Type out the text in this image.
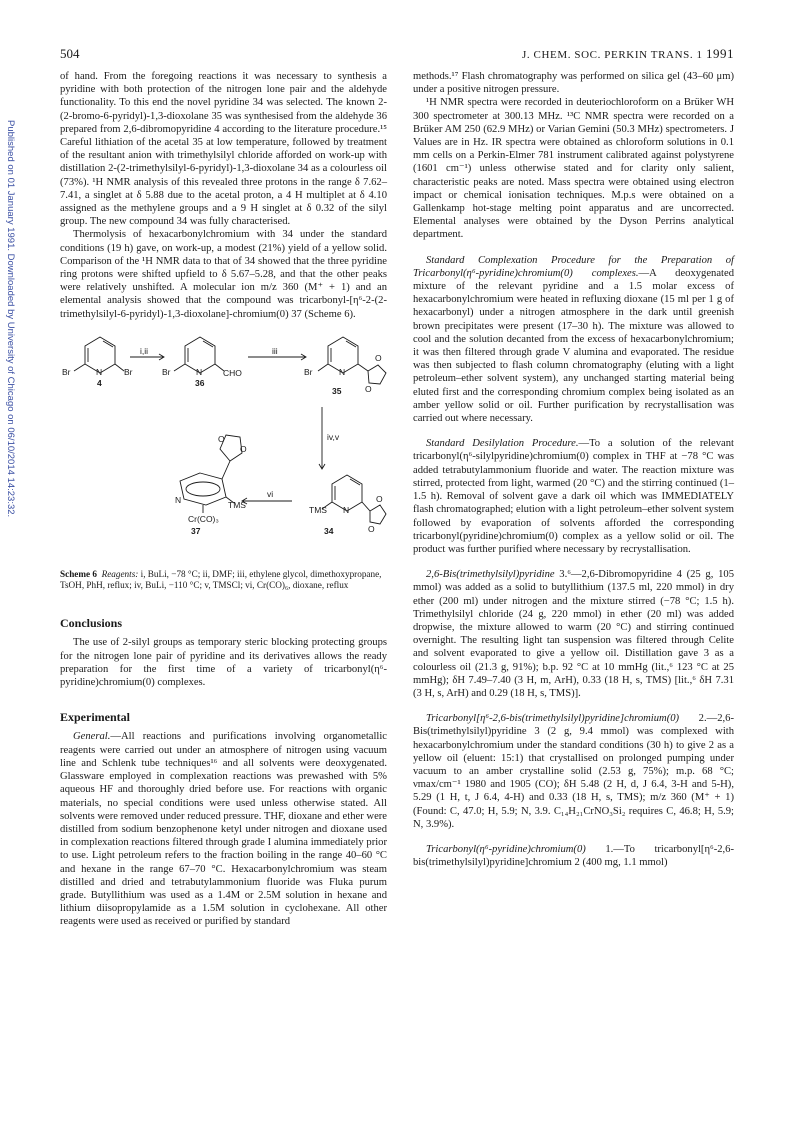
504	J. CHEM. SOC. PERKIN TRANS. 1 1991
Published on 01 January 1991. Downloaded by University of Chicago on 06/10/2014 14:23:32.

of hand. From the foregoing reactions it was necessary to synthesis a pyridine with both protection of the nitrogen lone pair and the aldehyde functionality. To this end the novel pyridine 34 was selected. The known 2-(2-bromo-6-pyridyl)-1,3-dioxolane 35 was synthesised from the aldehyde 36 prepared from 2,6-dibromopyridine 4 according to the literature procedure.¹⁵ Careful lithiation of the acetal 35 at low temperature, followed by treatment of the resultant anion with trimethylsilyl chloride afforded on work-up with distillation 2-(2-trimethylsilyl-6-pyridyl)-1,3-dioxolane 34 as a colourless oil (73%). ¹H NMR analysis of this revealed three protons in the range δ 7.62–7.41, a singlet at δ 5.88 due to the acetal proton, a 4 H multiplet at δ 4.10 assigned as the methylene groups and a 9 H singlet at δ 0.32 of the silyl group. The new compound 34 was fully characterised.

Thermolysis of hexacarbonylchromium with 34 under the standard conditions (19 h) gave, on work-up, a modest (21%) yield of a yellow solid. Comparison of the ¹H NMR data to that of 34 showed that the three pyridine ring protons were shifted upfield to δ 5.67–5.28, and that the other peaks were relatively unshifted. A molecular ion m/z 360 (M⁺ + 1) and an elemental analysis showed that the compound was tricarbonyl-[η⁶-2-(2-trimethylsilyl-6-pyridyl)-1,3-dioxolane]-chromium(0) 37 (Scheme 6).

Br	N	Br
4
i,ii
Br	N CHO
36
iii
Br	N
O
O
35
iv,v
TMS N
O
O
34
vi
O
O
N	TMS
Cr(CO)₃
37
Scheme 6 Reagents: i, BuLi, −78 °C; ii, DMF; iii, ethylene glycol, dimethoxypropane, TsOH, PhH, reflux; iv, BuLi, −110 °C; v, TMSCl; vi, Cr(CO)₆, dioxane, reflux
Conclusions

The use of 2-silyl groups as temporary steric blocking protecting groups for the nitrogen lone pair of pyridine and its derivatives allows the ready preparation for the first time of a variety of tricarbonyl(η⁶-pyridine)chromium(0) complexes.

Experimental

General.—All reactions and purifications involving organometallic reagents were carried out under an atmosphere of nitrogen using vacuum line and Schlenk tube techniques¹⁶ and all solvents were deoxygenated. Glassware employed in complexation reactions was prewashed with 5% aqueous HF and thoroughly dried before use. For reactions with organic materials, no special conditions were used unless otherwise stated. All solvents were removed under reduced pressure. THF, dioxane and ether were distilled from sodium benzophenone ketyl under nitrogen and dioxane used in complexation reactions filtered through grade I alumina immediately prior to use. Light petroleum refers to the fraction boiling in the range 40–60 °C and hexane in the range 67–70 °C. Hexacarbonylchromium was steam distilled and dried and tetrabutylammonium fluoride was Fluka purum grade. Butyllithium was used as a 1.4M or 2.5M solution in hexane and lithium diisopropylamide as a 1.5M solution in cyclohexane. All other reagents were used as received or purified by standard

methods.¹⁷ Flash chromatography was performed on silica gel (43–60 μm) under a positive nitrogen pressure.

¹H NMR spectra were recorded in deuteriochloroform on a Brüker WH 300 spectrometer at 300.13 MHz. ¹³C NMR spectra were recorded on a Brüker AM 250 (62.9 MHz) or Varian Gemini (50.3 MHz) spectrometers. J Values are in Hz. IR spectra were obtained as chloroform solutions in 0.1 mm cells on a Perkin-Elmer 781 instrument calibrated against polystyrene (1601 cm⁻¹) unless otherwise stated and for clarity only salient, characteristic peaks are noted. Mass spectra were obtained using electron impact or chemical ionisation techniques. M.p.s were obtained on a Gallenkamp hot-stage melting point apparatus and are uncorrected. Elemental analyses were obtained by the Dyson Perrins analytical department.

Standard Complexation Procedure for the Preparation of Tricarbonyl(η⁶-pyridine)chromium(0) complexes.—A deoxygenated mixture of the relevant pyridine and a 1.5 molar excess of hexacarbonylchromium were heated in refluxing dioxane (15 ml per 1 g of hexacarbonyl) under a nitrogen atmosphere in the dark until greenish brown precipitates were present (17–30 h). The mixture was allowed to cool and the solution decanted from the excess of hexacarbonylchromium; it was then filtered through grade V alumina and evaporated. The residue was then subjected to flash column chromatography (eluting with a light petroleum–ether solvent system), any unchanged starting material being eluted first and the corresponding chromium complex being isolated as an amber yellow solid or oil. Further purification by recrystallisation was carried out where necessary.

Standard Desilylation Procedure.—To a solution of the relevant tricarbonyl(η⁶-silylpyridine)chromium(0) complex in THF at −78 °C was added tetrabutylammonium fluoride and water. The reaction mixture was stirred, protected from light, warmed (20 °C) and the stirring continued (1–1.5 h). Removal of solvent gave a dark oil which was IMMEDIATELY flash chromatographed; elution with a light petroleum–ether solvent system followed by evaporation of solvents afforded the corresponding tricarbonyl(pyridine)chromium(0) complex as a yellow solid or oil. The product was further purified where necessary by recrystallisation.

2,6-Bis(trimethylsilyl)pyridine 3.⁶—2,6-Dibromopyridine 4 (25 g, 105 mmol) was added as a solid to butyllithium (137.5 ml, 220 mmol) in dry ether (200 ml) under nitrogen and the mixture stirred (−78 °C; 1.5 h). Trimethylsilyl chloride (24 g, 220 mmol) in ether (20 ml) was added dropwise, the mixture allowed to warm (20 °C) and stirring continued overnight. The resulting light tan suspension was filtered through Celite and solvent evaporated to give a yellow oil. Distillation gave 3 as a colourless oil (21.3 g, 91%); b.p. 92 °C at 10 mmHg (lit.,⁶ 123 °C at 25 mmHg); δH 7.49–7.40 (3 H, m, ArH), 0.33 (18 H, s, TMS) [lit.,⁶ δH 7.31 (3 H, s, ArH) and 0.29 (18 H, s, TMS)].

Tricarbonyl[η⁶-2,6-bis(trimethylsilyl)pyridine]chromium(0) 2.—2,6-Bis(trimethylsilyl)pyridine 3 (2 g, 9.4 mmol) was complexed with hexacarbonylchromium under the standard conditions (30 h) to give 2 as a yellow oil (eluent: 15:1) that crystallised on prolonged pumping under vacuum to an amber crystalline solid (2.53 g, 75%); m.p. 68 °C; νmax/cm⁻¹ 1980 and 1905 (CO); δH 5.48 (2 H, d, J 6.4, 3-H and 5-H), 5.29 (1 H, t, J 6.4, 4-H) and 0.33 (18 H, s, TMS); m/z 360 (M⁺ + 1) (Found: C, 47.0; H, 5.9; N, 3.9. C₁₄H₂₁CrNO₃Si₂ requires C, 46.8; H, 5.9; N, 3.9%).

Tricarbonyl(η⁶-pyridine)chromium(0) 1.—To tricarbonyl[η⁶-2,6-bis(trimethylsilyl)pyridine]chromium 2 (400 mg, 1.1 mmol)
